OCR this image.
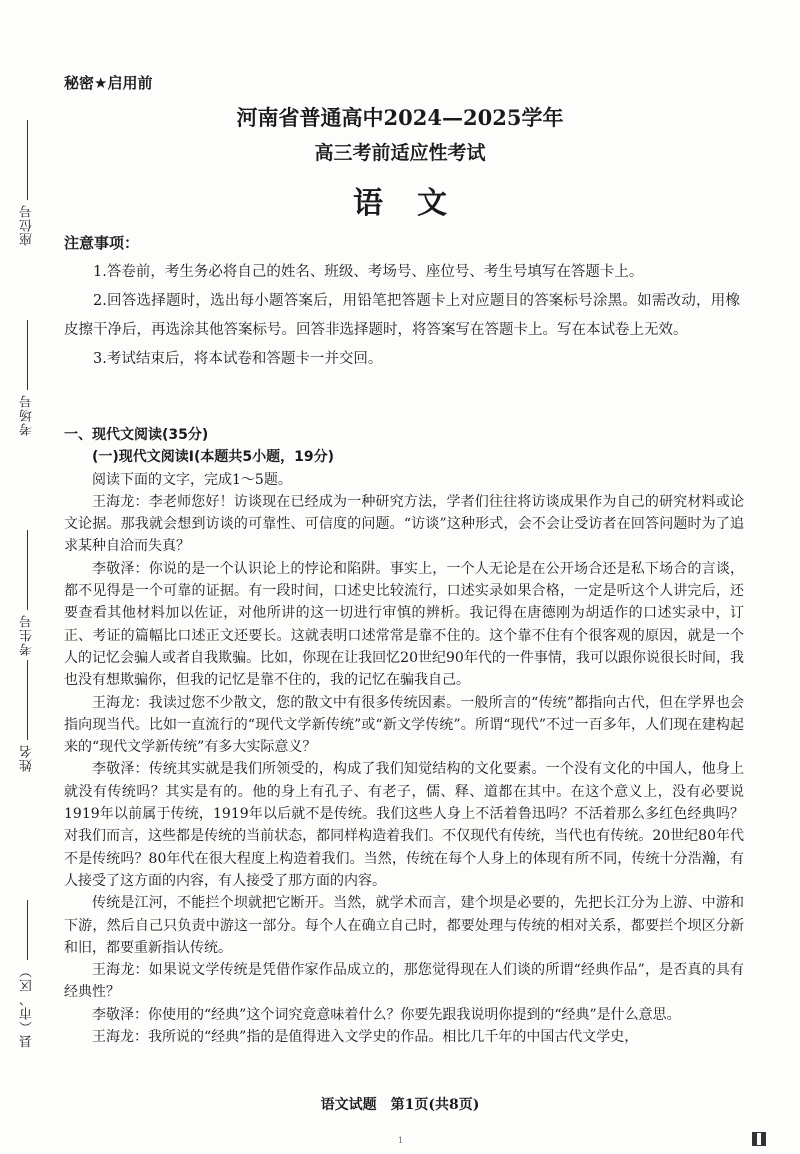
座位号
考场号
考生号
姓名
县（市、区）
秘密★启用前
河南省普通高中2024—2025学年
高三考前适应性考试
语文
注意事项：

1.答卷前，考生务必将自己的姓名、班级、考场号、座位号、考生号填写在答题卡上。

2.回答选择题时，选出每小题答案后，用铅笔把答题卡上对应题目的答案标号涂黑。如需改动，用橡皮擦干净后，再选涂其他答案标号。回答非选择题时，将答案写在答题卡上。写在本试卷上无效。

3.考试结束后，将本试卷和答题卡一并交回。

一、现代文阅读(35分)
(一)现代文阅读Ⅰ(本题共5小题，19分)

阅读下面的文字，完成1～5题。

王海龙：李老师您好！访谈现在已经成为一种研究方法，学者们往往将访谈成果作为自己的研究材料或论文论据。那我就会想到访谈的可靠性、可信度的问题。“访谈”这种形式，会不会让受访者在回答问题时为了追求某种自洽而失真？

李敬泽：你说的是一个认识论上的悖论和陷阱。事实上，一个人无论是在公开场合还是私下场合的言谈，都不见得是一个可靠的证据。有一段时间，口述史比较流行，口述实录如果合格，一定是听这个人讲完后，还要查看其他材料加以佐证，对他所讲的这一切进行审慎的辨析。我记得在唐德刚为胡适作的口述实录中，订正、考证的篇幅比口述正文还要长。这就表明口述常常是靠不住的。这个靠不住有个很客观的原因，就是一个人的记忆会骗人或者自我欺骗。比如，你现在让我回忆20世纪90年代的一件事情，我可以跟你说很长时间，我也没有想欺骗你，但我的记忆是靠不住的，我的记忆在骗我自己。

王海龙：我读过您不少散文，您的散文中有很多传统因素。一般所言的“传统”都指向古代，但在学界也会指向现当代。比如一直流行的“现代文学新传统”或“新文学传统”。所谓“现代”不过一百多年，人们现在建构起来的“现代文学新传统”有多大实际意义？

李敬泽：传统其实就是我们所领受的，构成了我们知觉结构的文化要素。一个没有文化的中国人，他身上就没有传统吗？其实是有的。他的身上有孔子、有老子，儒、释、道都在其中。在这个意义上，没有必要说1919年以前属于传统，1919年以后就不是传统。我们这些人身上不活着鲁迅吗？不活着那么多红色经典吗？对我们而言，这些都是传统的当前状态，都同样构造着我们。不仅现代有传统，当代也有传统。20世纪80年代不是传统吗？80年代在很大程度上构造着我们。当然，传统在每个人身上的体现有所不同，传统十分浩瀚，有人接受了这方面的内容，有人接受了那方面的内容。

传统是江河，不能拦个坝就把它断开。当然，就学术而言，建个坝是必要的，先把长江分为上游、中游和下游，然后自己只负责中游这一部分。每个人在确立自己时，都要处理与传统的相对关系，都要拦个坝区分新和旧，都要重新指认传统。

王海龙：如果说文学传统是凭借作家作品成立的，那您觉得现在人们谈的所谓“经典作品”，是否真的具有经典性？

李敬泽：你使用的“经典”这个词究竟意味着什么？你要先跟我说明你提到的“经典”是什么意思。

王海龙：我所说的“经典”指的是值得进入文学史的作品。相比几千年的中国古代文学史，

语文试题　第1页(共8页)
1
